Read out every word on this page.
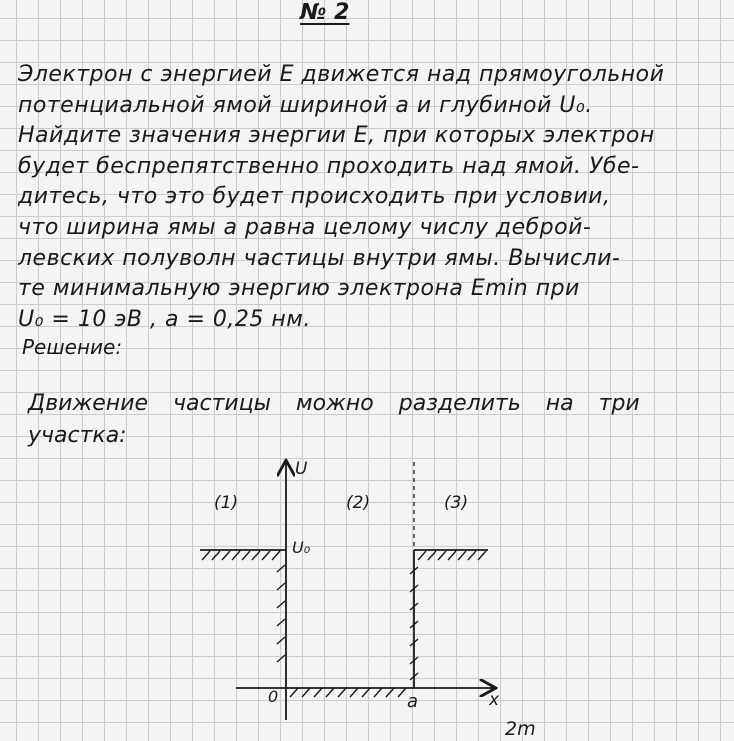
№ 2
Электрон с энергией E движется над прямоугольной
потенциальной ямой шириной a и глубиной U₀.
Найдите значения энергии E, при которых электрон
будет беспрепятственно проходить над ямой. Убе-
дитесь, что это будет происходить при условии,
что ширина ямы a равна целому числу деброй-
левских полуволн частицы внутри ямы. Вычисли-
те минимальную энергию электрона Emin при
U₀ = 10 эВ , a = 0,25 нм.
Решение:
Движение частицы можно разделить на три
участка:
U
x
U₀
0	a
(1)	(2)	(3)
2m
